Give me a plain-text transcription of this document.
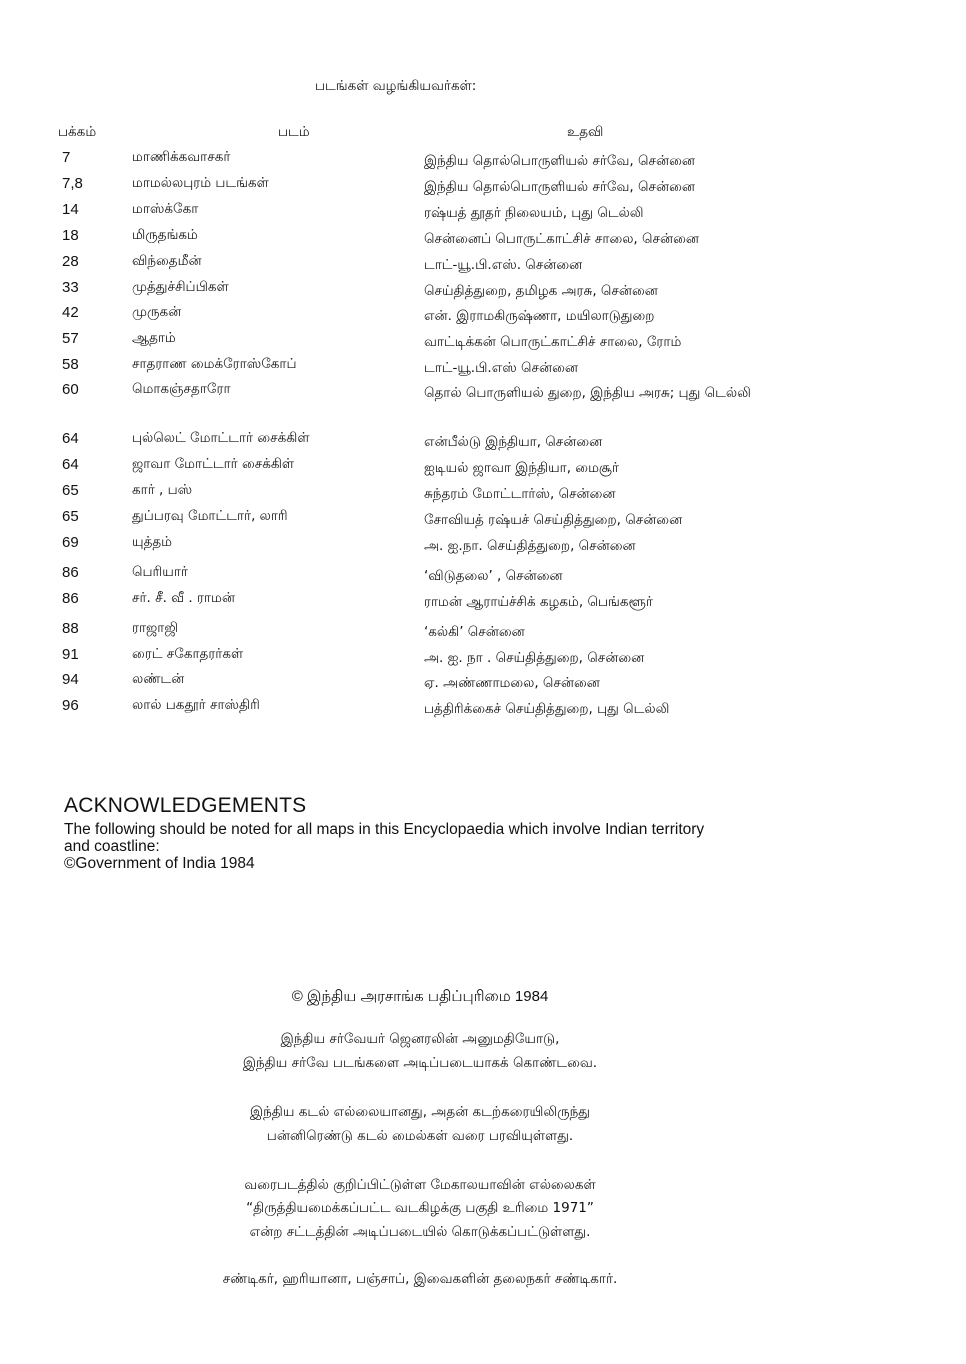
படங்கள் வழங்கியவர்கள்:
பக்கம்	படம்	உதவி
7	மாணிக்கவாசகர்	இந்திய தொல்பொருளியல் சர்வே, சென்னை
7,8	மாமல்லபுரம் படங்கள்	இந்திய தொல்பொருளியல் சர்வே, சென்னை
14	மாஸ்க்கோ	ரஷ்யத் தூதர் நிலையம், புது டெல்லி
18	மிருதங்கம்	சென்னைப் பொருட்காட்சிச் சாலை, சென்னை
28	விந்தைமீன்	டாட்-யூ.பி.எஸ். சென்னை
33	முத்துச்சிப்பிகள்	செய்தித்துறை, தமிழக அரசு, சென்னை
42	முருகன்	என். இராமகிருஷ்ணா, மயிலாடுதுறை
57	ஆதாம்	வாட்டிக்கன் பொருட்காட்சிச் சாலை, ரோம்
58	சாதராண மைக்ரோஸ்கோப்	டாட்-யூ.பி.எஸ் சென்னை
60	மொகஞ்சதாரோ	தொல் பொருளியல் துறை, இந்திய அரசு; புது டெல்லி
64	புல்லெட் மோட்டார் சைக்கிள்	என்பீல்டு இந்தியா, சென்னை
64	ஜாவா மோட்டார் சைக்கிள்	ஐடியல் ஜாவா இந்தியா, மைசூர்
65	கார் , பஸ்	சுந்தரம் மோட்டார்ஸ், சென்னை
65	துப்பரவு மோட்டார், லாரி	சோவியத் ரஷ்யச் செய்தித்துறை, சென்னை
69	யுத்தம்	அ. ஐ.நா. செய்தித்துறை, சென்னை
86	பெரியார்	‘விடுதலை’ , சென்னை
86	சர். சீ. வீ . ராமன்	ராமன் ஆராய்ச்சிக் கழகம், பெங்களூர்
88	ராஜாஜி	‘கல்கி’ சென்னை
91	ரைட் சகோதரர்கள்	அ. ஐ. நா . செய்தித்துறை, சென்னை
94	லண்டன்	ஏ. அண்ணாமலை, சென்னை
96	லால் பகதூர் சாஸ்திரி	பத்திரிக்கைச் செய்தித்துறை, புது டெல்லி
ACKNOWLEDGEMENTS

The following should be noted for all maps in this Encyclopaedia which involve Indian territory

and coastline:

©Government of India 1984

© இந்திய அரசாங்க பதிப்புரிமை 1984
இந்திய சர்வேயர் ஜெனரலின் அனுமதியோடு,
இந்திய சர்வே படங்களை அடிப்படையாகக் கொண்டவை.
இந்திய கடல் எல்லையானது, அதன் கடற்கரையிலிருந்து
பன்னிரெண்டு கடல் மைல்கள் வரை பரவியுள்ளது.
வரைபடத்தில் குறிப்பிட்டுள்ள மேகாலயாவின் எல்லைகள்
“திருத்தியமைக்கப்பட்ட வடகிழக்கு பகுதி உரிமை 1971”
என்ற சட்டத்தின் அடிப்படையில் கொடுக்கப்பட்டுள்ளது.
சண்டிகர், ஹரியானா, பஞ்சாப், இவைகளின் தலைநகர் சண்டிகார்.
